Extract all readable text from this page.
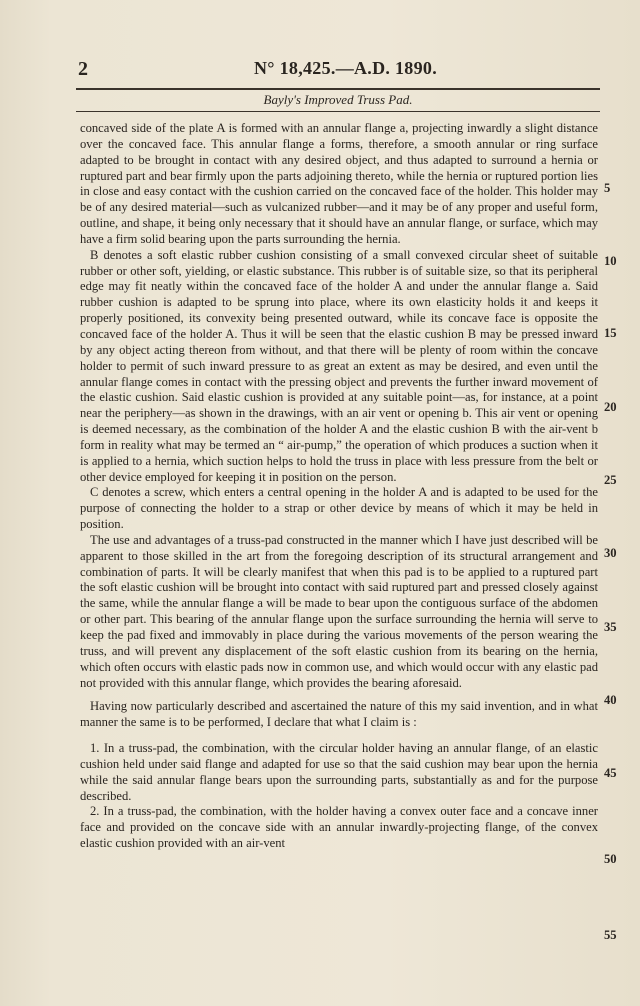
2	N° 18,425.—A.D. 1890.
Bayly's Improved Truss Pad.

concaved side of the plate A is formed with an annular flange a, projecting inwardly a slight distance over the concaved face. This annular flange a forms, therefore, a smooth annular or ring surface adapted to be brought in contact with any desired object, and thus adapted to surround a hernia or ruptured part and bear firmly upon the parts adjoining thereto, while the hernia or ruptured portion lies in close and easy contact with the cushion carried on the concaved face of the holder. This holder may be of any desired material—such as vulcanized rubber—and it may be of any proper and useful form, outline, and shape, it being only necessary that it should have an annular flange, or surface, which may have a firm solid bearing upon the parts surrounding the hernia.

B denotes a soft elastic rubber cushion consisting of a small convexed circular sheet of suitable rubber or other soft, yielding, or elastic substance. This rubber is of suitable size, so that its peripheral edge may fit neatly within the concaved face of the holder A and under the annular flange a. Said rubber cushion is adapted to be sprung into place, where its own elasticity holds it and keeps it properly positioned, its convexity being presented outward, while its concave face is opposite the concaved face of the holder A. Thus it will be seen that the elastic cushion B may be pressed inward by any object acting thereon from without, and that there will be plenty of room within the concave holder to permit of such inward pressure to as great an extent as may be desired, and even until the annular flange comes in contact with the pressing object and prevents the further inward movement of the elastic cushion. Said elastic cushion is provided at any suitable point—as, for instance, at a point near the periphery—as shown in the drawings, with an air vent or opening b. This air vent or opening is deemed necessary, as the combination of the holder A and the elastic cushion B with the air-vent b form in reality what may be termed an “ air-pump,” the operation of which produces a suction when it is applied to a hernia, which suction helps to hold the truss in place with less pressure from the belt or other device employed for keeping it in position on the person.

C denotes a screw, which enters a central opening in the holder A and is adapted to be used for the purpose of connecting the holder to a strap or other device by means of which it may be held in position.

The use and advantages of a truss-pad constructed in the manner which I have just described will be apparent to those skilled in the art from the foregoing description of its structural arrangement and combination of parts. It will be clearly manifest that when this pad is to be applied to a ruptured part the soft elastic cushion will be brought into contact with said ruptured part and pressed closely against the same, while the annular flange a will be made to bear upon the contiguous surface of the abdomen or other part. This bearing of the annular flange upon the surface surrounding the hernia will serve to keep the pad fixed and immovably in place during the various movements of the person wearing the truss, and will prevent any displacement of the soft elastic cushion from its bearing on the hernia, which often occurs with elastic pads now in common use, and which would occur with any elastic pad not provided with this annular flange, which provides the bearing aforesaid.

Having now particularly described and ascertained the nature of this my said invention, and in what manner the same is to be performed, I declare that what I claim is :

1. In a truss-pad, the combination, with the circular holder having an annular flange, of an elastic cushion held under said flange and adapted for use so that the said cushion may bear upon the hernia while the said annular flange bears upon the surrounding parts, substantially as and for the purpose described.

2. In a truss-pad, the combination, with the holder having a convex outer face and a concave inner face and provided on the concave side with an annular inwardly-projecting flange, of the convex elastic cushion provided with an air-vent

5
10
15
20
25
30
35
40
45
50
55
